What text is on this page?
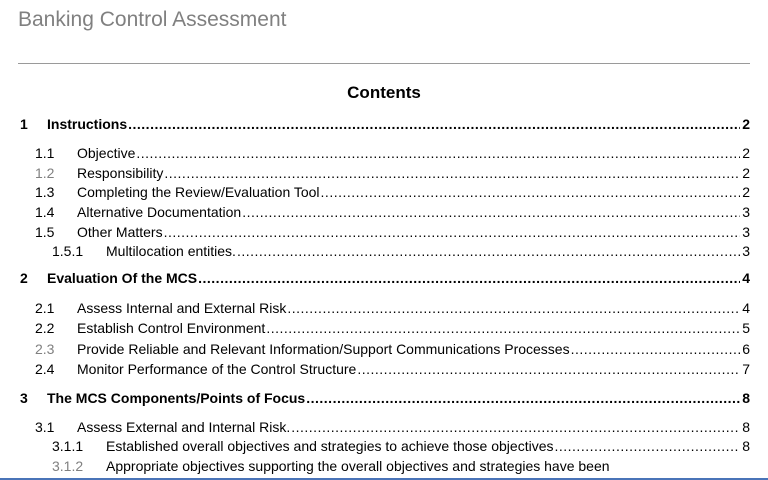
Banking Control Assessment
Contents
1	Instructions .....	2
1.1	Objective .....	2
1.2	Responsibility .....	2
1.3	Completing the Review/Evaluation Tool .....	2
1.4	Alternative Documentation .....	3
1.5	Other Matters .....	3
1.5.1	Multilocation entities. .....	3
2	Evaluation Of the MCS .....	4
2.1	Assess Internal and External Risk .....	4
2.2	Establish Control Environment .....	5
2.3	Provide Reliable and Relevant Information/Support Communications Processes .....	6
2.4	Monitor Performance of the Control Structure .....	7
3	The MCS Components/Points of Focus .....	8
3.1	Assess External and Internal Risk. .....	8
3.1.1	Established overall objectives and strategies to achieve those objectives .....	8
3.1.2	Appropriate objectives supporting the overall objectives and strategies have been
